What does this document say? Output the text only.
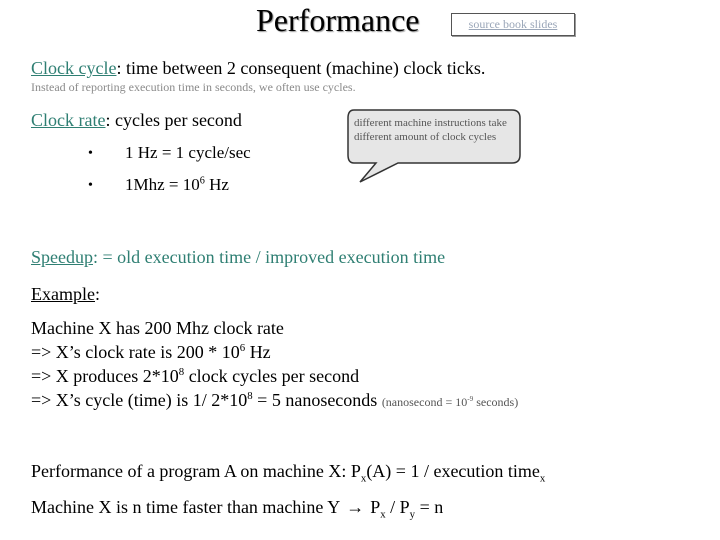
Performance	source book slides
Clock cycle: time between 2 consequent (machine) clock ticks.
Instead of reporting execution time in seconds, we often use cycles.
Clock rate: cycles per second
• 1 Hz = 1 cycle/sec
• $1Mhz = 10^6$ Hz
different machine instructions take different amount of clock cycles
Speedup: = old execution time / improved execution time
Example:
Machine X has 200 Mhz clock rate
=> X’s clock rate is $200 * 10^6$ Hz
=> X produces $2*10^8$ clock cycles per second
=> X’s cycle (time) is 1/ $2*10^8 = 5$ nanoseconds (nanosecond = $10^{-9}$ seconds)
Performance of a program A on machine X: $P_x(A) = 1$ / execution time$_x$
Machine X is n time faster than machine $Y \to P_x / P_y = n$
